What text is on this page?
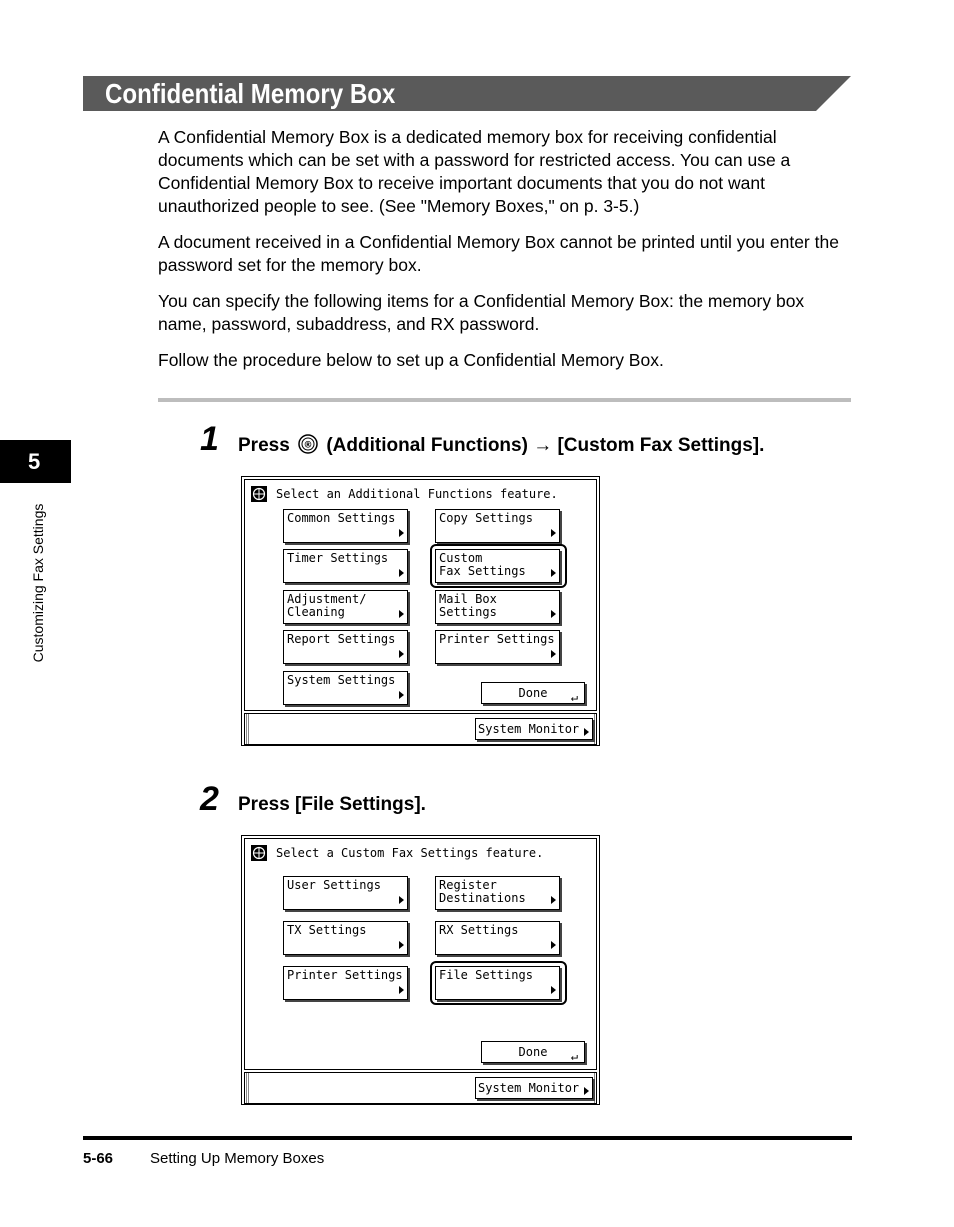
Confidential Memory Box

A Confidential Memory Box is a dedicated memory box for receiving confidential documents which can be set with a password for restricted access. You can use a Confidential Memory Box to receive important documents that you do not want unauthorized people to see. (See "Memory Boxes," on p. 3-5.)

A document received in a Confidential Memory Box cannot be printed until you enter the password set for the memory box.

You can specify the following items for a Confidential Memory Box: the memory box name, password, subaddress, and RX password.

Follow the procedure below to set up a Confidential Memory Box.

5
Customizing Fax Settings
1 Press ® (Additional Functions) → [Custom Fax Settings].
Select an Additional Functions feature.
Common Settings	Copy Settings
Timer Settings	Custom
Fax Settings
Adjustment/
Cleaning
Mail Box Settings
Report Settings	Printer Settings
System Settings
Done ↵
System Monitor
2 Press [File Settings].
Select a Custom Fax Settings feature.
User Settings	Register
Destinations
TX Settings	RX Settings
Printer Settings	File Settings
Done ↵
System Monitor
5-66 Setting Up Memory Boxes
